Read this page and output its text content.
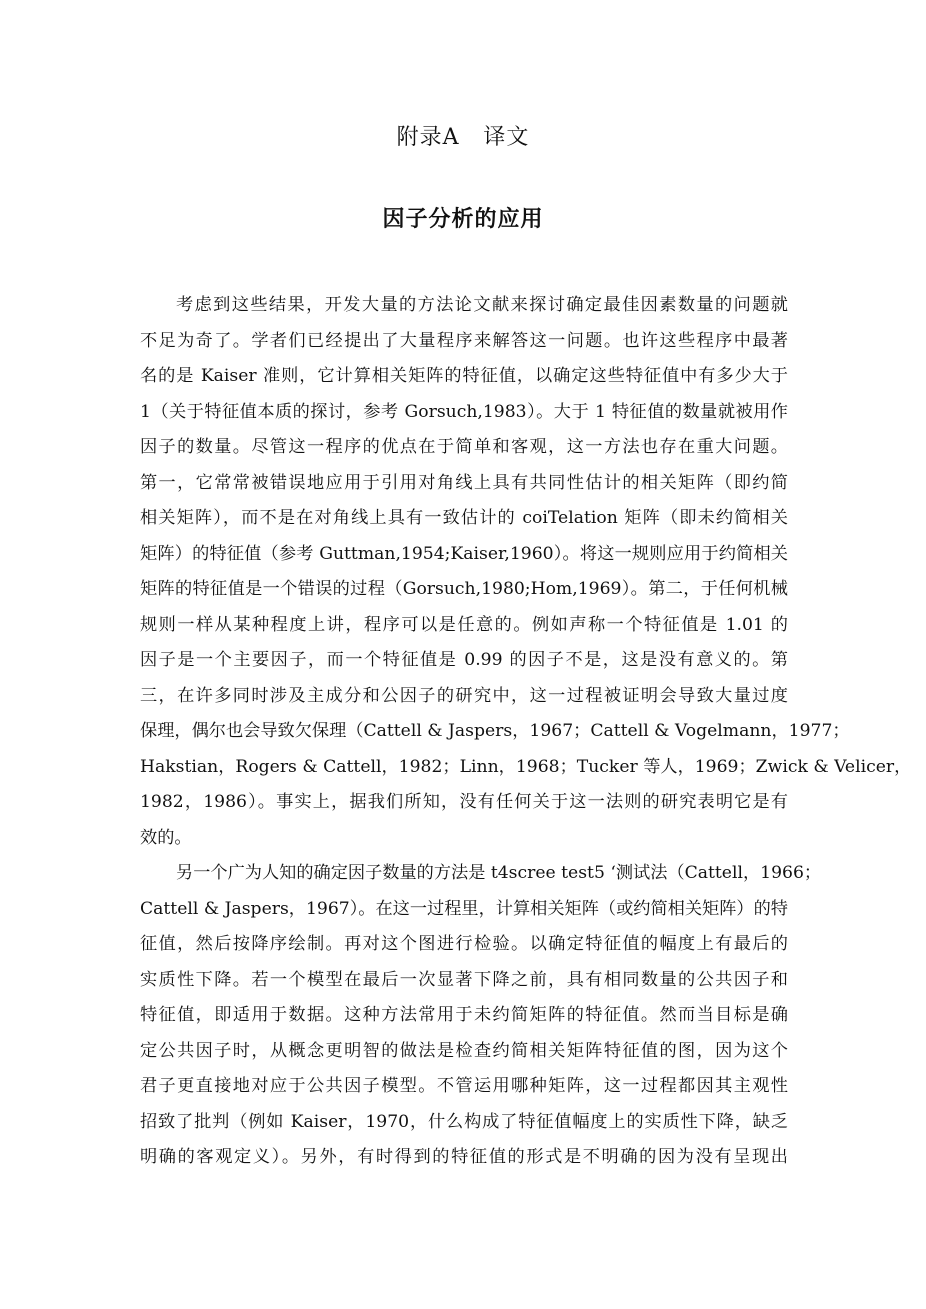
附录A   译文
因子分析的应用
考虑到这些结果，开发大量的方法论文献来探讨确定最佳因素数量的问题就
不足为奇了。学者们已经提出了大量程序来解答这一问题。也许这些程序中最著
名的是 Kaiser 准则，它计算相关矩阵的特征值，以确定这些特征值中有多少大于
1（关于特征值本质的探讨，参考 Gorsuch,1983）。大于 1 特征值的数量就被用作
因子的数量。尽管这一程序的优点在于简单和客观，这一方法也存在重大问题。
第一，它常常被错误地应用于引用对角线上具有共同性估计的相关矩阵（即约简
相关矩阵），而不是在对角线上具有一致估计的 coiTelation 矩阵（即未约简相关
矩阵）的特征值（参考 Guttman,1954;Kaiser,1960）。将这一规则应用于约简相关
矩阵的特征值是一个错误的过程（Gorsuch,1980;Hom,1969）。第二，于任何机械
规则一样从某种程度上讲，程序可以是任意的。例如声称一个特征值是 1.01 的
因子是一个主要因子，而一个特征值是 0.99 的因子不是，这是没有意义的。第
三，在许多同时涉及主成分和公因子的研究中，这一过程被证明会导致大量过度
保理，偶尔也会导致欠保理（Cattell & Jaspers，1967；Cattell & Vogelmann，1977；
Hakstian，Rogers & Cattell，1982；Linn，1968；Tucker 等人，1969；Zwick & Velicer，
1982，1986）。事实上，据我们所知，没有任何关于这一法则的研究表明它是有
效的。
另一个广为人知的确定因子数量的方法是 t4scree test5 ‘测试法（Cattell，1966；
Cattell & Jaspers，1967）。在这一过程里，计算相关矩阵（或约简相关矩阵）的特
征值，然后按降序绘制。再对这个图进行检验。以确定特征值的幅度上有最后的
实质性下降。若一个模型在最后一次显著下降之前，具有相同数量的公共因子和
特征值，即适用于数据。这种方法常用于未约简矩阵的特征值。然而当目标是确
定公共因子时，从概念更明智的做法是检查约简相关矩阵特征值的图，因为这个
君子更直接地对应于公共因子模型。不管运用哪种矩阵，这一过程都因其主观性
招致了批判（例如 Kaiser，1970，什么构成了特征值幅度上的实质性下降，缺乏
明确的客观定义）。另外，有时得到的特征值的形式是不明确的因为没有呈现出
